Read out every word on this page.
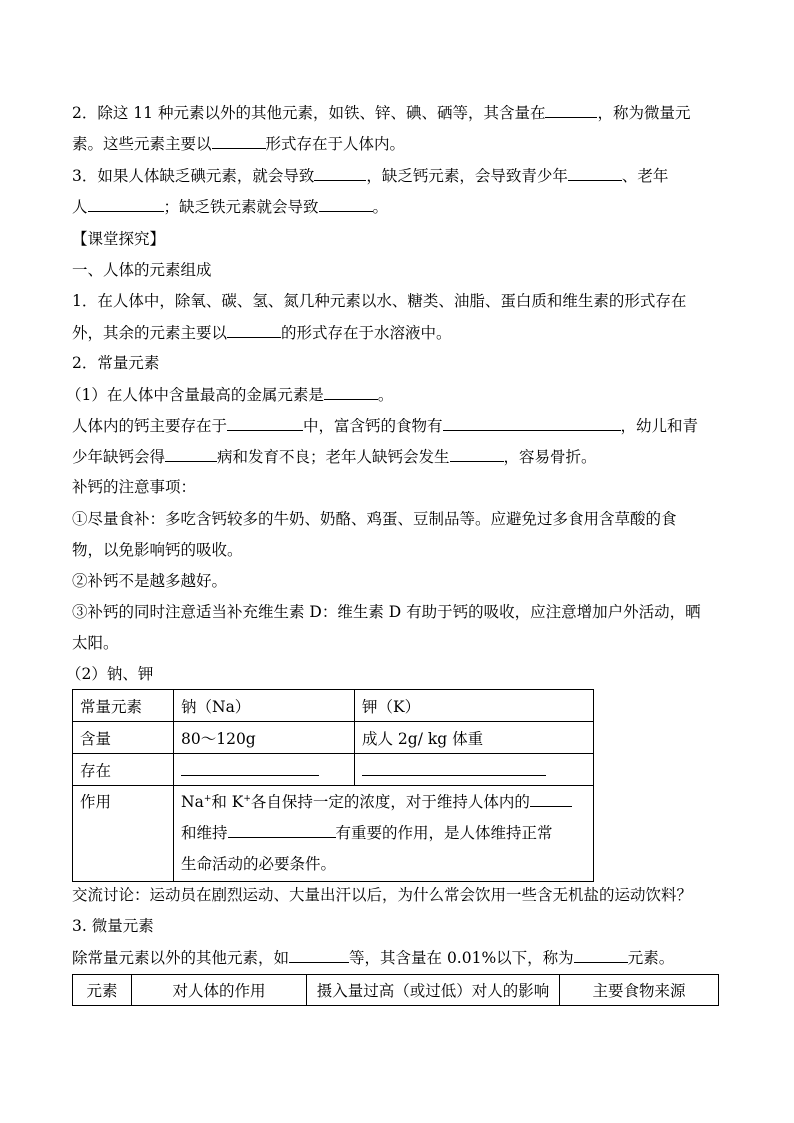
2．除这 11 种元素以外的其他元素，如铁、锌、碘、硒等，其含量在	，称为微量元
素。这些元素主要以	形式存在于人体内。
3．如果人体缺乏碘元素，就会导致	，缺乏钙元素，会导致青少年	、老年
人	；缺乏铁元素就会导致	。
【课堂探究】
一、人体的元素组成
1．在人体中，除氧、碳、氢、氮几种元素以水、糖类、油脂、蛋白质和维生素的形式存在
外，其余的元素主要以	的形式存在于水溶液中。
2．常量元素
（1）在人体中含量最高的金属元素是	。
人体内的钙主要存在于	中，富含钙的食物有	，幼儿和青
少年缺钙会得	病和发育不良；老年人缺钙会发生	，容易骨折。
补钙的注意事项：
①尽量食补：多吃含钙较多的牛奶、奶酪、鸡蛋、豆制品等。应避免过多食用含草酸的食
物，以免影响钙的吸收。
②补钙不是越多越好。
③补钙的同时注意适当补充维生素 D：维生素 D 有助于钙的吸收，应注意增加户外活动，晒
太阳。
（2）钠、钾
常量元素	钠（Na）	钾（K）
含量	80～120g	成人 2g/ kg 体重
存在		
作用	Na+和 K+各自保持一定的浓度，对于维持人体内的
和维持 有重要的作用，是人体维持正常
生命活动的必要条件。	
交流讨论：运动员在剧烈运动、大量出汗以后，为什么常会饮用一些含无机盐的运动饮料？
3. 微量元素
除常量元素以外的其他元素，如	等，其含量在 0.01%以下，称为	元素。
元素	对人体的作用	摄入量过高（或过低）对人的影响	主要食物来源
